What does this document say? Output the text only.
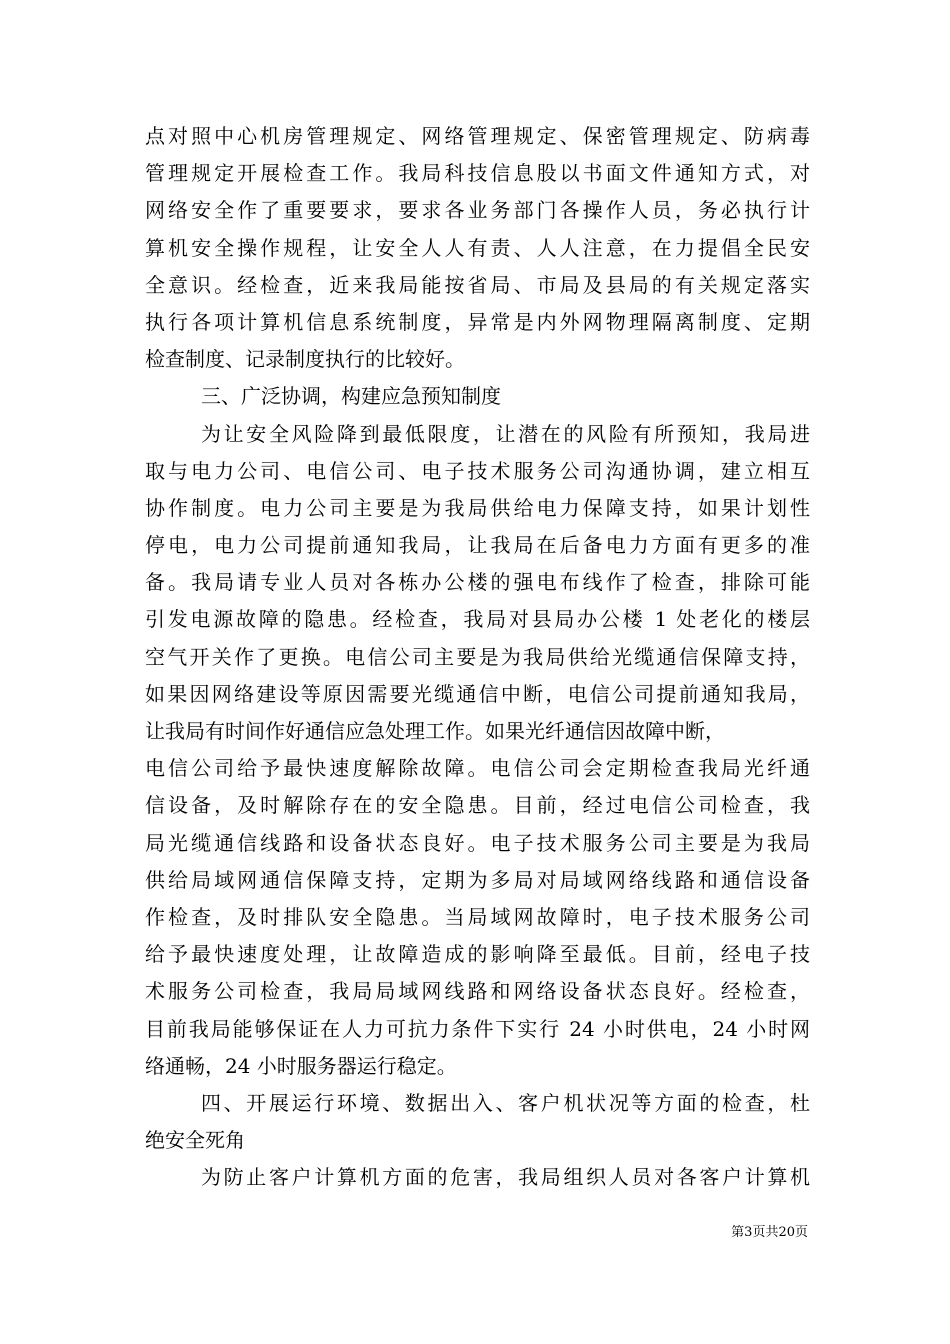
点对照中心机房管理规定、网络管理规定、保密管理规定、防病毒
管理规定开展检查工作。我局科技信息股以书面文件通知方式，对
网络安全作了重要要求，要求各业务部门各操作人员，务必执行计
算机安全操作规程，让安全人人有责、人人注意，在力提倡全民安
全意识。经检查，近来我局能按省局、市局及县局的有关规定落实
执行各项计算机信息系统制度，异常是内外网物理隔离制度、定期
检查制度、记录制度执行的比较好。
三、广泛协调，构建应急预知制度
为让安全风险降到最低限度，让潜在的风险有所预知，我局进
取与电力公司、电信公司、电子技术服务公司沟通协调，建立相互
协作制度。电力公司主要是为我局供给电力保障支持，如果计划性
停电，电力公司提前通知我局，让我局在后备电力方面有更多的准
备。我局请专业人员对各栋办公楼的强电布线作了检查，排除可能
引发电源故障的隐患。经检查，我局对县局办公楼 1 处老化的楼层
空气开关作了更换。电信公司主要是为我局供给光缆通信保障支持，
如果因网络建设等原因需要光缆通信中断，电信公司提前通知我局，
让我局有时间作好通信应急处理工作。如果光纤通信因故障中断，
电信公司给予最快速度解除故障。电信公司会定期检查我局光纤通
信设备，及时解除存在的安全隐患。目前，经过电信公司检查，我
局光缆通信线路和设备状态良好。电子技术服务公司主要是为我局
供给局域网通信保障支持，定期为多局对局域网络线路和通信设备
作检查，及时排队安全隐患。当局域网故障时，电子技术服务公司
给予最快速度处理，让故障造成的影响降至最低。目前，经电子技
术服务公司检查，我局局域网线路和网络设备状态良好。经检查，
目前我局能够保证在人力可抗力条件下实行 24 小时供电，24 小时网
络通畅，24 小时服务器运行稳定。
四、开展运行环境、数据出入、客户机状况等方面的检查，杜
绝安全死角
为防止客户计算机方面的危害，我局组织人员对各客户计算机
第3页共20页
